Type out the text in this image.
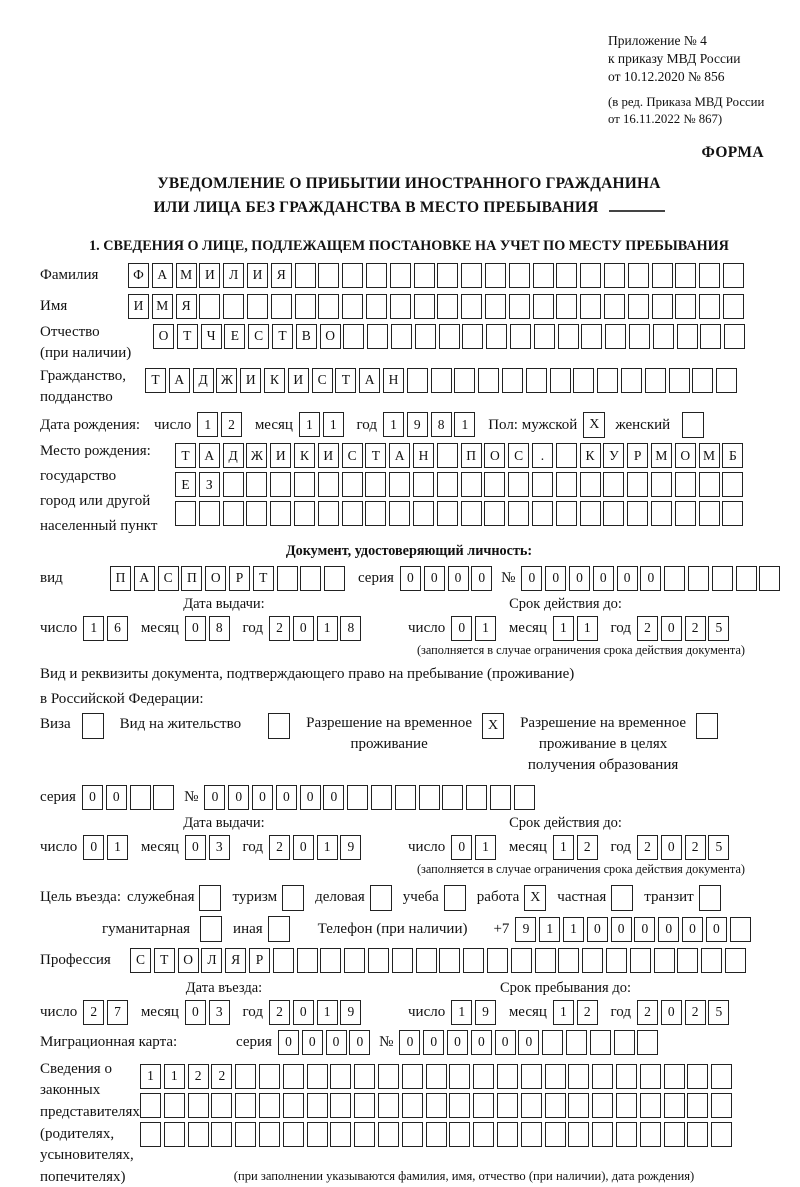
Приложение № 4
к приказу МВД России
от 10.12.2020 № 856
(в ред. Приказа МВД России
от 16.11.2022 № 867)
ФОРМА
УВЕДОМЛЕНИЕ О ПРИБЫТИИ ИНОСТРАННОГО ГРАЖДАНИНА
ИЛИ ЛИЦА БЕЗ ГРАЖДАНСТВА В МЕСТО ПРЕБЫВАНИЯ
1. СВЕДЕНИЯ О ЛИЦЕ, ПОДЛЕЖАЩЕМ ПОСТАНОВКЕ НА УЧЕТ ПО МЕСТУ ПРЕБЫВАНИЯ
Фамилия	Ф	А М И	Л	И	Я
Имя	И М Я
Отчество
(при наличии)
О	Т	Ч	Е	С	Т	В	О
Гражданство,
подданство
Т	А	Д Ж И	К	И	С	Т	А	Н
Дата рождения: число 1	2	месяц 1	1	год 1	9	8	1	Пол: мужской X	женский
Место рождения:
государство
город или другой
населенный пункт
Т	А	Д Ж И	К	И	С	Т	А	Н	П	О	С	.	К	У	Р	М О М	Б
Е	З
Документ, удостоверяющий личность:
вид	П	А	С	П	О	Р	Т	серия 0	0	0	0	№ 0	0	0	0	0	0
Дата выдачи:
число 1	6	месяц 0	8	год 2	0	1	8
Срок действия до:
число 0	1	месяц 1	1	год 2	0	2	5
(заполняется в случае ограничения срока действия документа)
Вид и реквизиты документа, подтверждающего право на пребывание (проживание)
в Российской Федерации:
Виза	Вид на жительство	Разрешение на временное
проживание
X	Разрешение на временное
проживание в целях
получения образования
серия 0	0	№ 0	0	0	0	0	0
Дата выдачи:
число 0	1	месяц 0	3	год 2	0	1	9
Срок действия до:
число 0	1	месяц 1	2	год 2	0	2	5
(заполняется в случае ограничения срока действия документа)
Цель въезда: служебная	туризм	деловая	учеба	работа X	частная	транзит
гуманитарная	иная	Телефон (при наличии) +7 9	1	1	0	0	0	0	0	0
Профессия	С	Т	О	Л	Я	Р
Дата въезда:
число 2	7	месяц 0	3	год 2	0	1	9
Срок пребывания до:
число 1	9	месяц 1	2	год 2	0	2	5
Миграционная карта:	серия 0	0	0	0	№ 0	0	0	0	0	0
Сведения о
законных
представителях
(родителях,
усыновителях,
попечителях)
1	1	2	2
(при заполнении указываются фамилия, имя, отчество (при наличии), дата рождения)
